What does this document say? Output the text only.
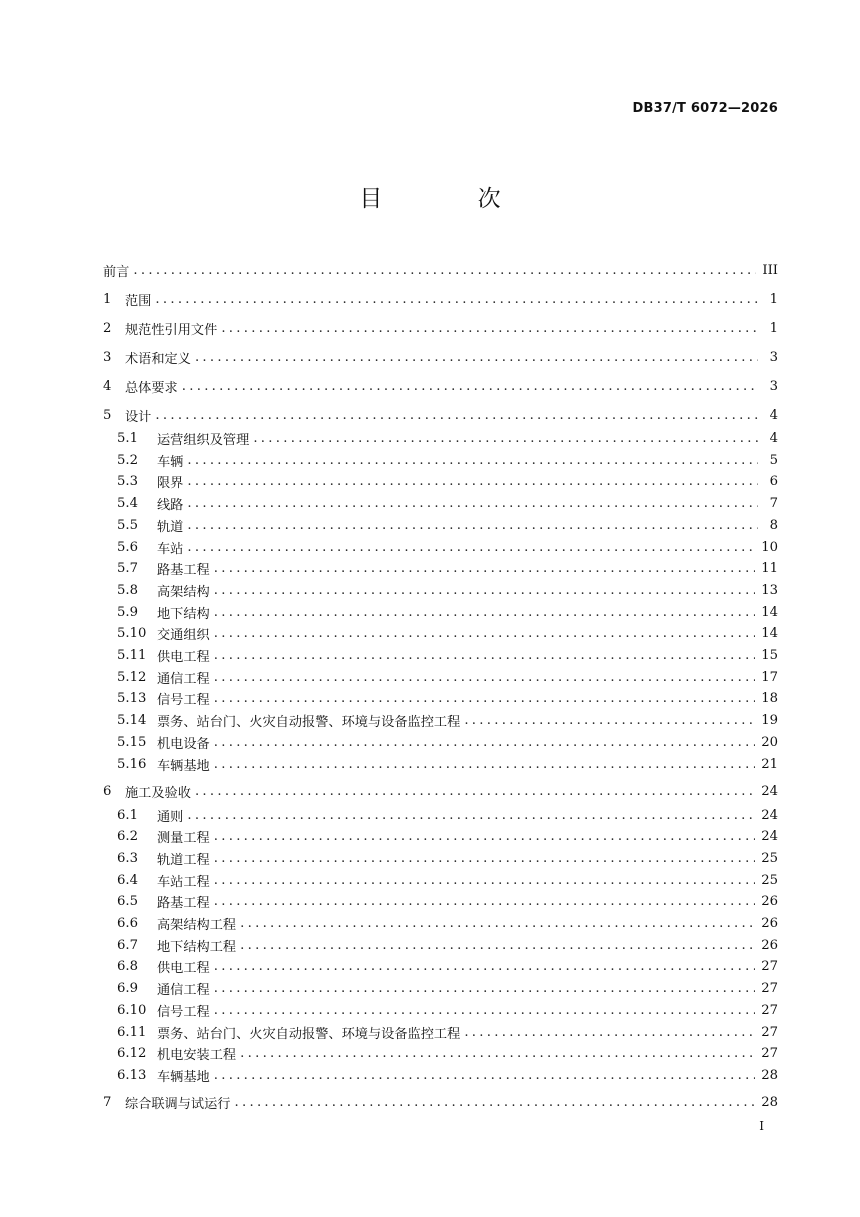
DB37/T 6072—2026
目 次
前言 . . .	III
1	范围 . . .	1
2	规范性引用文件 . . .	1
3	术语和定义 . . .	3
4	总体要求 . . .	3
5	设计 . . .	4
5.1	运营组织及管理 . . .	4
5.2	车辆 . . .	5
5.3	限界 . . .	6
5.4	线路 . . .	7
5.5	轨道 . . .	8
5.6	车站 . . .	10
5.7	路基工程 . . .	11
5.8	高架结构 . . .	13
5.9	地下结构 . . .	14
5.10 交通组织 . . .	14
5.11 供电工程 . . .	15
5.12 通信工程 . . .	17
5.13 信号工程 . . .	18
5.14 票务、站台门、火灾自动报警、环境与设备监控工程 . . .	19
5.15 机电设备 . . .	20
5.16 车辆基地 . . .	21
6	施工及验收 . . .	24
6.1	通则 . . .	24
6.2	测量工程 . . .	24
6.3	轨道工程 . . .	25
6.4	车站工程 . . .	25
6.5	路基工程 . . .	26
6.6	高架结构工程 . . .	26
6.7	地下结构工程 . . .	26
6.8	供电工程 . . .	27
6.9	通信工程 . . .	27
6.10 信号工程 . . .	27
6.11 票务、站台门、火灾自动报警、环境与设备监控工程 . . .	27
6.12 机电安装工程 . . .	27
6.13 车辆基地 . . .	28
7	综合联调与试运行 . . .	28
I
